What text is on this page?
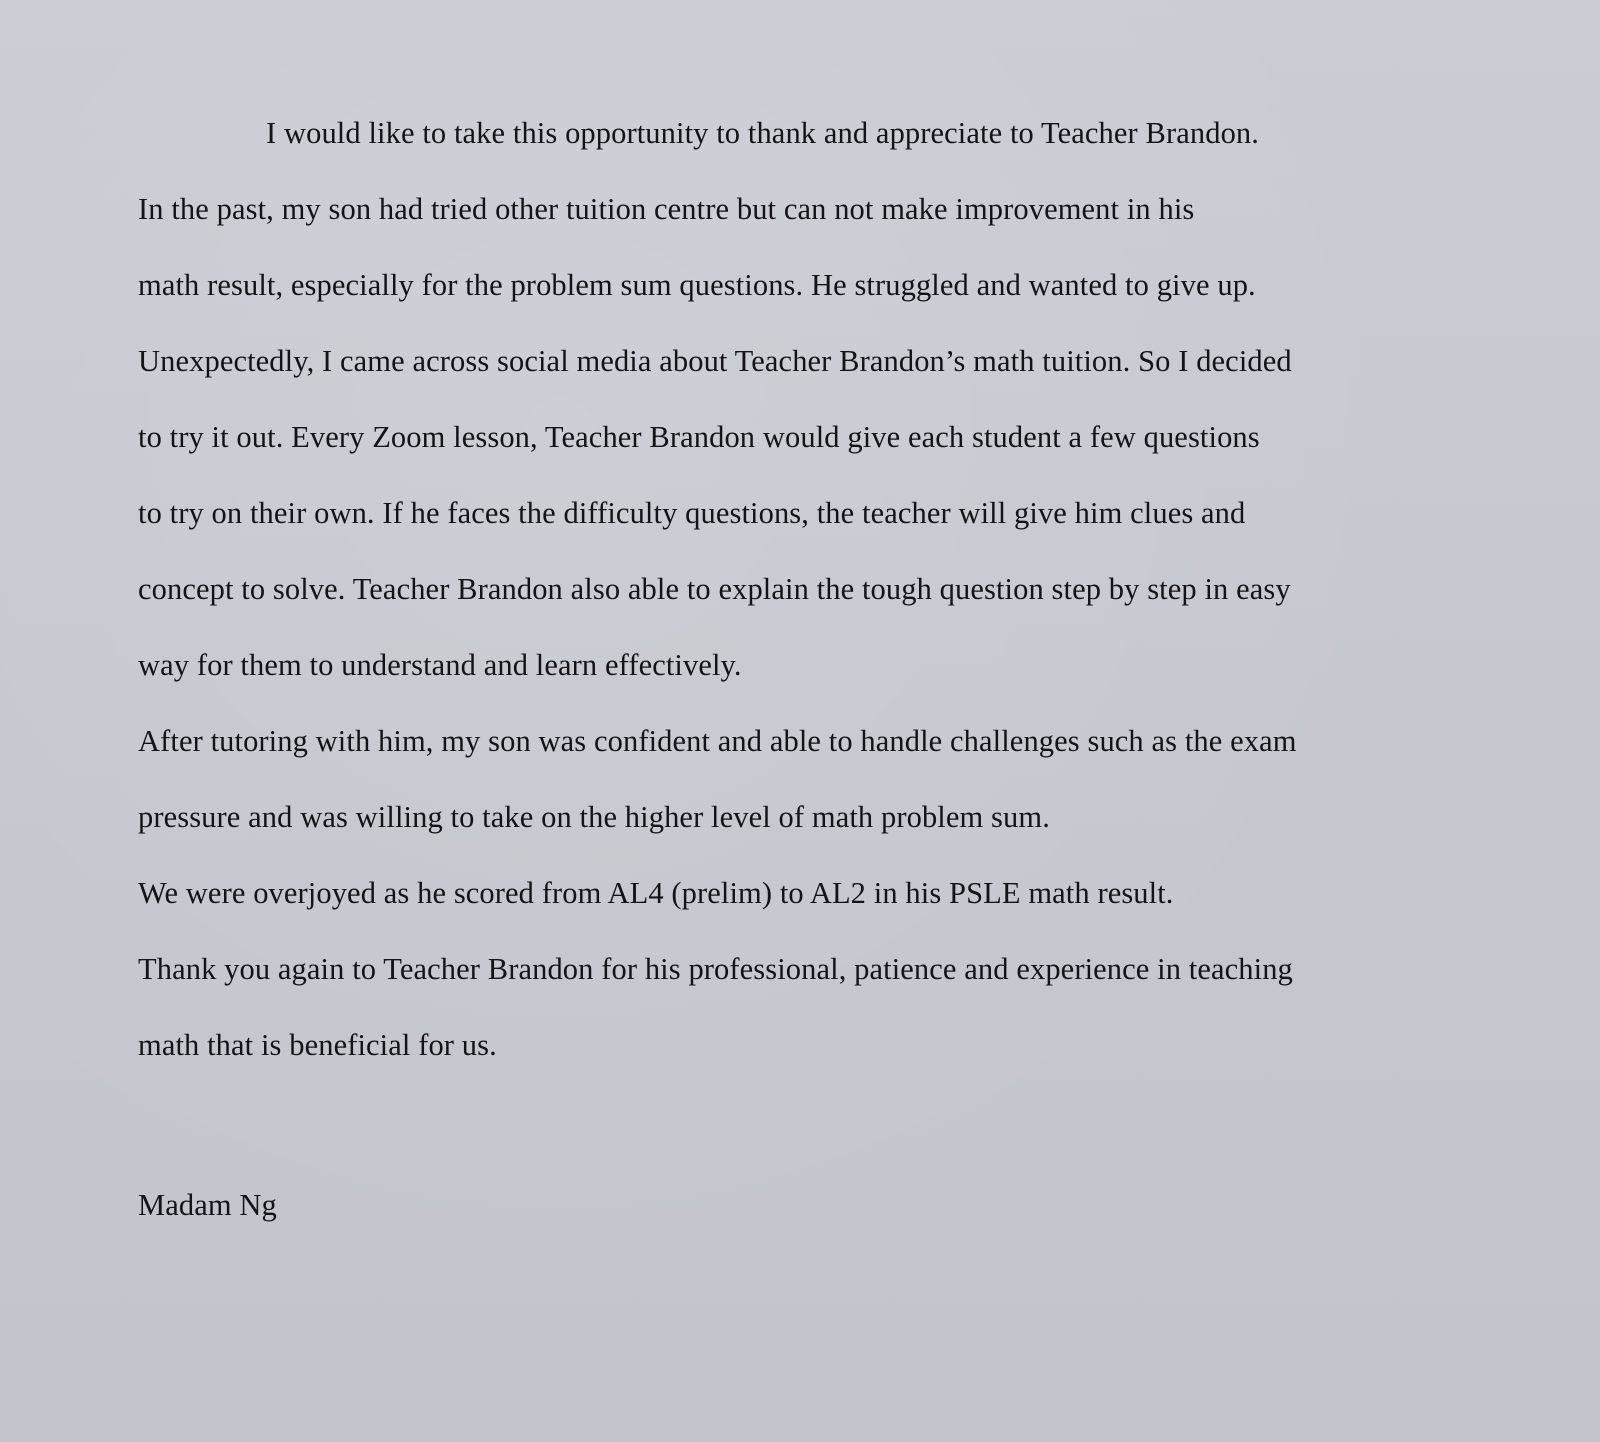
I would like to take this opportunity to thank and appreciate to Teacher Brandon.

In the past, my son had tried other tuition centre but can not make improvement in his

math result, especially for the problem sum questions. He struggled and wanted to give up.

Unexpectedly, I came across social media about Teacher Brandon’s math tuition. So I decided

to try it out. Every Zoom lesson, Teacher Brandon would give each student a few questions

to try on their own. If he faces the difficulty questions, the teacher will give him clues and

concept to solve. Teacher Brandon also able to explain the tough question step by step in easy

way for them to understand and learn effectively.

After tutoring with him, my son was confident and able to handle challenges such as the exam

pressure and was willing to take on the higher level of math problem sum.

We were overjoyed as he scored from AL4 (prelim) to AL2 in his PSLE math result.

Thank you again to Teacher Brandon for his professional, patience and experience in teaching

math that is beneficial for us.

Madam Ng
